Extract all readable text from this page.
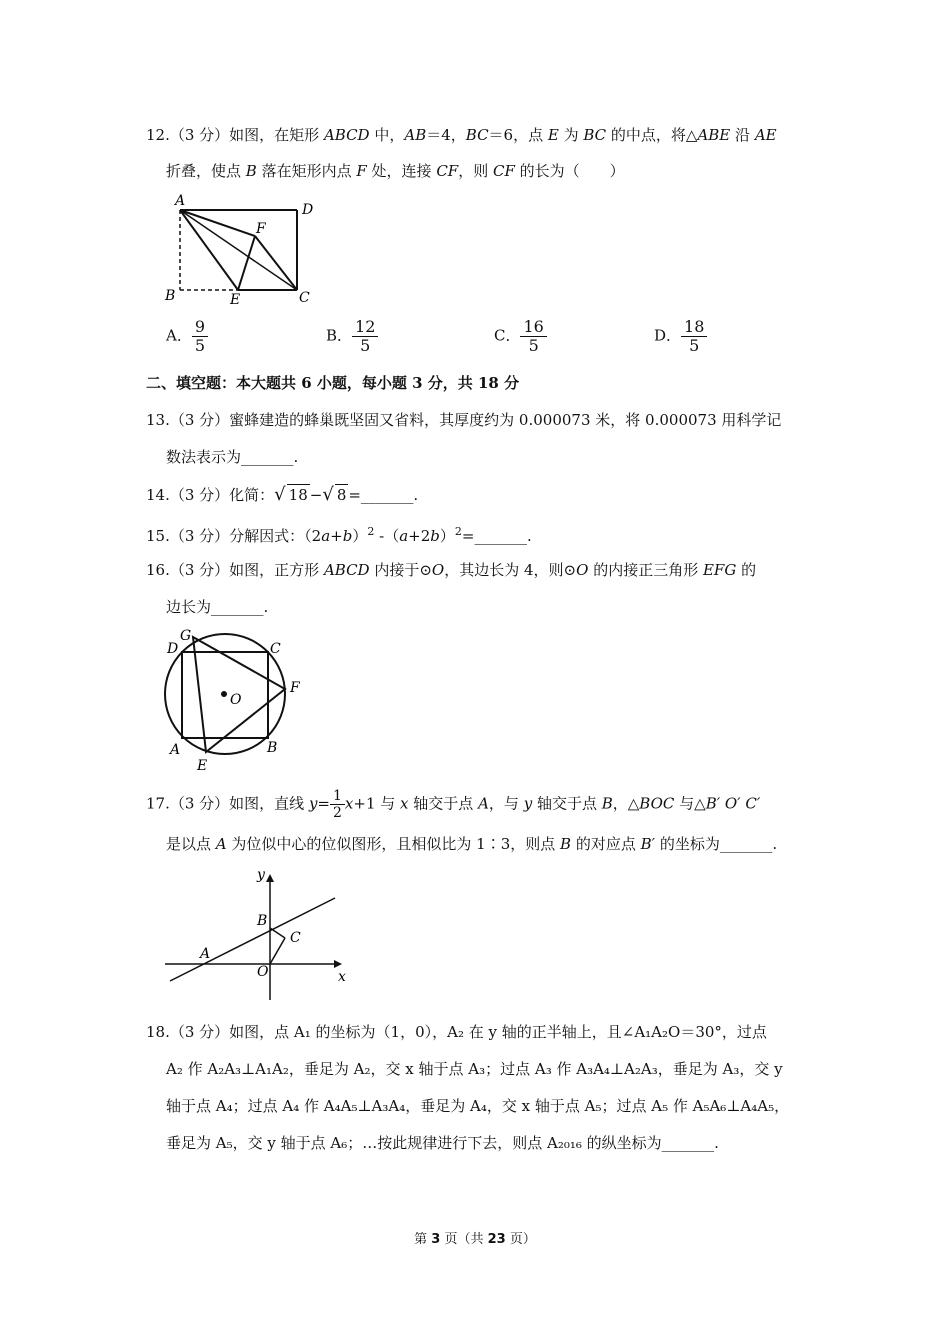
12.（3 分）如图，在矩形 ABCD 中，AB＝4，BC＝6，点 E 为 BC 的中点，将△ABE 沿 AE
折叠，使点 B 落在矩形内点 F 处，连接 CF，则 CF 的长为（　　）
A
D
F
B	E	C
A． $\frac{9}{5}$	B． $\frac{12}{5}$	C． $\frac{16}{5}$	D． $\frac{18}{5}$
二、填空题：本大题共 6 小题，每小题 3 分，共 18 分
13.（3 分）蜜蜂建造的蜂巢既坚固又省料，其厚度约为 0.000073 米，将 0.000073 用科学记
数法表示为_______.
14.（3 分）化简：√ 18 −√ 8 =_______.
15.（3 分）分解因式：$(2a+b)^2$ $-(a+2b)^2=\_\_\_\_\_\_\_$.
16.（3 分）如图，正方形 ABCD 内接于⊙O，其边长为 4，则⊙O 的内接正三角形 EFG 的
边长为_______.
G
D	C
F
O
A	B
E
17.（3 分）如图，直线 $y= \frac{1}{2} x+1$ 与 x 轴交于点 A，与 y 轴交于点 B，△BOC 与△B′ O′ C′
是以点 A 为位似中心的位似图形，且相似比为 1∶3，则点 B 的对应点 B′ 的坐标为_______.
y
x
A
B
C
O
18.（3 分）如图，点 A₁ 的坐标为（1，0），A₂ 在 y 轴的正半轴上，且∠A₁A₂O＝30°，过点
A₂ 作 A₂A₃⊥A₁A₂，垂足为 A₂，交 x 轴于点 A₃；过点 A₃ 作 A₃A₄⊥A₂A₃，垂足为 A₃，交 y
轴于点 A₄；过点 A₄ 作 A₄A₅⊥A₃A₄，垂足为 A₄，交 x 轴于点 A₅；过点 A₅ 作 A₅A₆⊥A₄A₅，
垂足为 A₅，交 y 轴于点 A₆；…按此规律进行下去，则点 A₂₀₁₆ 的纵坐标为_______.
第 3 页（共 23 页）
